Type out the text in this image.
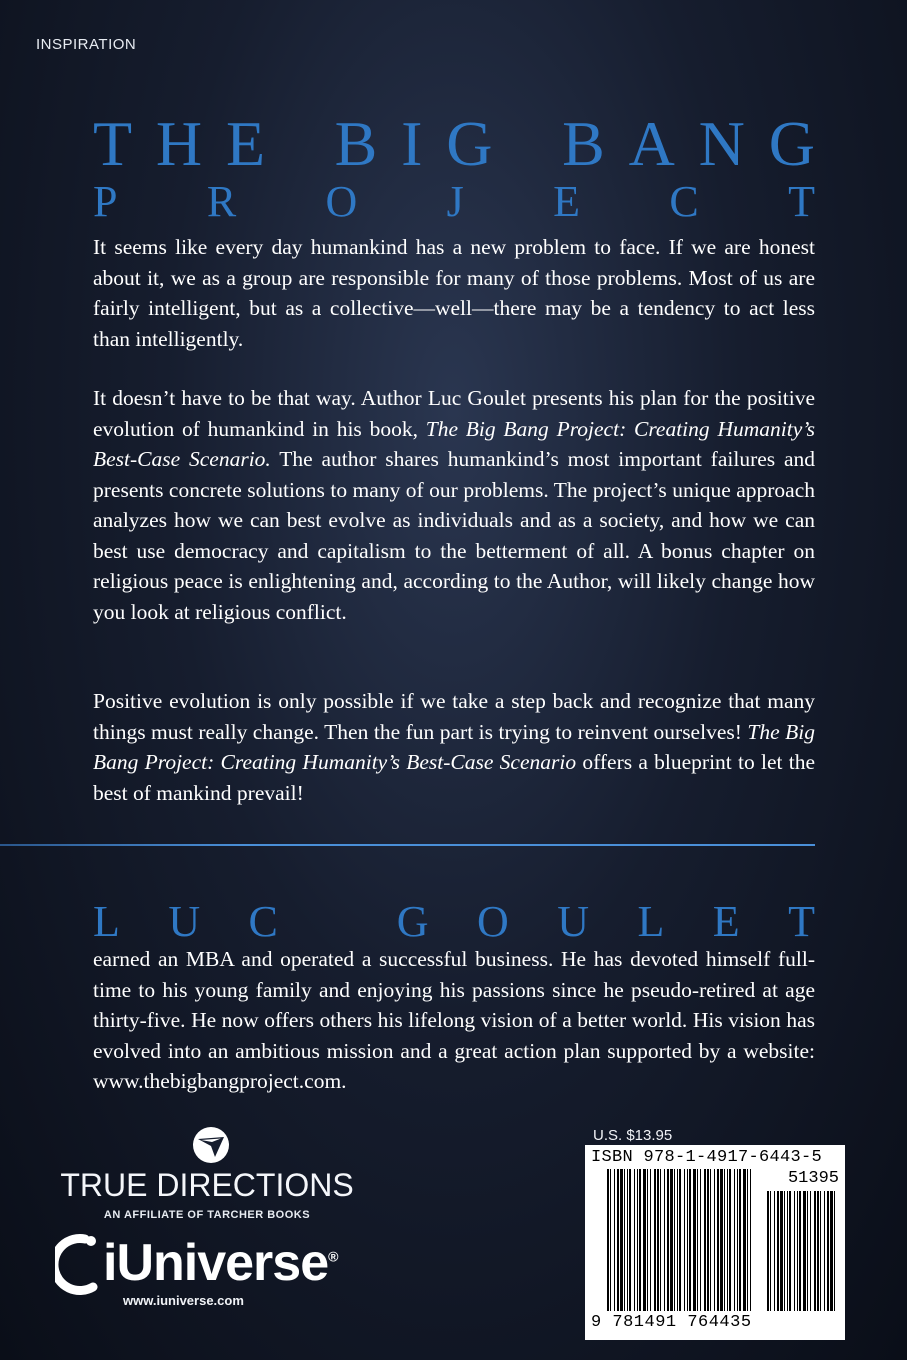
INSPIRATION
T H E B I G B A N G
P R O J E C T

It seems like every day humankind has a new problem to face. If we are honest about it, we as a group are responsible for many of those problems. Most of us are fairly intelligent, but as a collective—well—there may be a tendency to act less than intelligently.

It doesn’t have to be that way. Author Luc Goulet presents his plan for the positive evolution of humankind in his book, The Big Bang Project: Creating Humanity’s Best-Case Scenario. The author shares humankind’s most important failures and presents concrete solutions to many of our problems. The project’s unique approach analyzes how we can best evolve as individuals and as a society, and how we can best use democracy and capitalism to the betterment of all. A bonus chapter on religious peace is enlightening and, according to the Author, will likely change how you look at religious conflict.

Positive evolution is only possible if we take a step back and recognize that many things must really change. Then the fun part is trying to reinvent ourselves! The Big Bang Project: Creating Humanity’s Best-Case Scenario offers a blueprint to let the best of mankind prevail!

L U C	G O U L E T

earned an MBA and operated a successful business. He has devoted himself full-time to his young family and enjoying his passions since he pseudo-retired at age thirty-five. He now offers others his lifelong vision of a better world. His vision has evolved into an ambitious mission and a great action plan supported by a website: www.thebigbangproject.com.

TRUE DIRECTIONS
AN AFFILIATE OF TARCHER BOOKS
iUniverse®
www.iuniverse.com
U.S. $13.95
ISBN 978-1-4917-6443-5
51395
9 781491 764435
